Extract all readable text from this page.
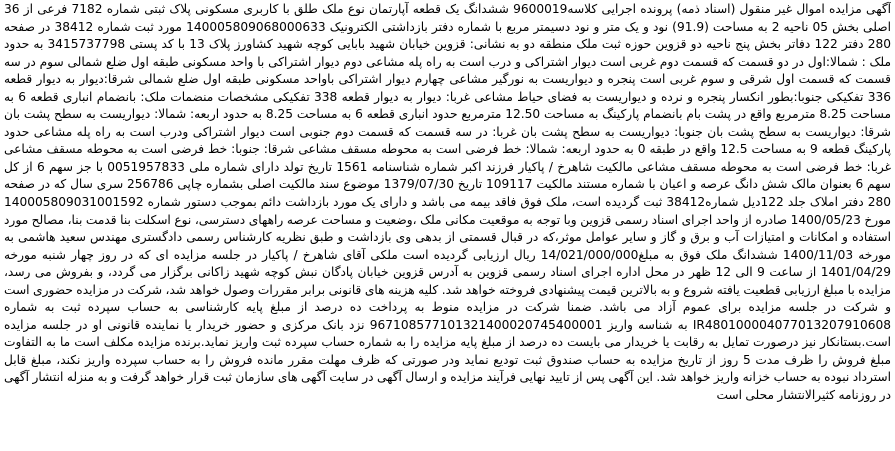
آگهی مزایده اموال غیر منقول (اسناد ذمه) پرونده اجرایی کلاسه9600019 ششدانگ یک قطعه آپارتمان نوع ملک طلق با کاربری مسکونی پلاک ثبتی شماره 7182 فرعی از 36 اصلی بخش 05 ناحیه 2 به مساحت (91.9) نود و یک متر و نود دسیمتر مربع با شماره دفتر بازداشتی الکترونیک 140005809068000633 مورد ثبت شماره 38412 در صفحه 280 دفتر 122 دفاتر بخش پنج ناحیه دو قزوین حوزه ثبت ملک منطقه دو به نشانی: قزوین خیابان شهید بابایی کوچه شهید کشاورز پلاک 13 با کد پستی 3415737798 به حدود ملک : شمالا:اول در دو قسمت که قسمت دوم غربی است دیوار اشتراکی و درب است به راه پله مشاعی دوم دیوار اشتراکی با واحد مسکونی طبقه اول ضلع شمالی سوم در سه قسمت که قسمت اول شرقی و سوم غربی است پنجره و دیواریست به نورگیر مشاعی چهارم دیوار اشتراکی باواحد مسکونی طبقه اول ضلع شمالی شرقا:دیوار به دیوار قطعه 336 تفکیکی جنوبا:بطور انکسار پنجره و نرده و دیواریست به فضای حیاط مشاعی غربا: دیوار به دیوار قطعه 338 تفکیکی مشخصات منضمات ملک: بانضمام انباری قطعه 6 به مساحت 8.25 مترمربع واقع در پشت بام بانضمام پارکینگ به مساحت 12.50 مترمربع حدود انباری قطعه 6 به مساحت 8.25 به حدود اربعه: شمالا: دیواریست به سطح پشت بان شرقا: دیواریست به سطح پشت بان جنوبا: دیواریست به سطح پشت بان غربا: در سه قسمت که قسمت دوم جنوبی است دیوار اشتراکی ودرب است به راه پله مشاعی حدود پارکینگ قطعه 9 به مساحت 12.5 واقع در طبقه 0 به حدود اربعه: شمالا: خط فرضی است به محوطه مسقف مشاعی شرقا: جنوبا: خط فرضی است به محوطه مسقف مشاعی غربا: خط فرضی است به محوطه مسقف مشاعی مالکیت شاهرخ / پاکیار فرزند اکبر شماره شناسنامه 1561 تاریخ تولد دارای شماره ملی 0051957833 با جز سهم 6 از کل سهم 6 بعنوان مالک شش دانگ عرصه و اعیان با شماره مستند مالکیت 109117 تاریخ 1379/07/30 موضوع سند مالکیت اصلی بشماره چاپی 256786 سری سال که در صفحه 280 دفتر املاک جلد 122دیل شماره38412 ثبت گردیده است، ملک فوق فاقد بیمه می باشد و دارای یک مورد بازداشت دائم بموجب دستور شماره 140005809031001592 مورخ 1400/05/23 صادره از واحد اجرای اسناد رسمی قزوین وبا توجه به موقعیت مکانی ملک ،وضعیت و مساحت عرصه راههای دسترسی، نوع اسکلت بنا قدمت بنا، مصالح مورد استفاده و امکانات و امتیازات آب و برق و گاز و سایر عوامل موثر،که در قبال قسمتی از بدهی وی بازداشت و طبق نظریه کارشناس رسمی دادگستری مهندس سعید هاشمی به مورخه 1400/11/03 ششدانگ ملک فوق به مبلغ14/021/000/000 ریال ارزیابی گردیده است ملکی آقای شاهرخ / پاکیار در جلسه مزایده ای که در روز چهار شنبه مورخه 1401/04/29 از ساعت 9 الی 12 ظهر در محل اداره اجرای اسناد رسمی قزوین به آدرس قزوین خیابان پادگان نبش کوچه شهید زاکانی برگزار می گردد، و بفروش می رسد، مزایده با مبلغ ارزیابی قطعیت یافته شروع و به بالاترین قیمت پیشنهادی فروخته خواهد شد. کلیه هزینه های قانونی برابر مقررات وصول خواهد شد، شرکت در مزایده حضوری است و شرکت در جلسه مزایده برای عموم آزاد می باشد. ضمنا شرکت در مزایده منوط به پرداخت ده درصد از مبلغ پایه کارشناسی به حساب سپرده ثبت به شماره IR480100004077013207910608 به شناسه واریز 967108577101321400020745400001 نزد بانک مرکزی و حضور خریدار یا نماینده قانونی او در جلسه مزایده است.بستانکار نیز درصورت تمایل به رقابت یا خریدار می بایست ده درصد از مبلغ پایه مزایده را به شماره حساب سپرده ثبت واریز نماید.برنده مزایده مکلف است ما به التفاوت مبلغ فروش را ظرف مدت 5 روز از تاریخ مزایده به حساب صندوق ثبت تودیع نماید ودر صورتی که ظرف مهلت مقرر مانده فروش را به حساب سپرده واریز نکند، مبلغ قابل استرداد نبوده به حساب خزانه واریز خواهد شد. این آگهی پس از تایید نهایی فرآیند مزایده و ارسال آگهی در سایت آگهی های سازمان ثبت قرار خواهد گرفت و به منزله انتشار آگهی در روزنامه کثیرالانتشار محلی است
